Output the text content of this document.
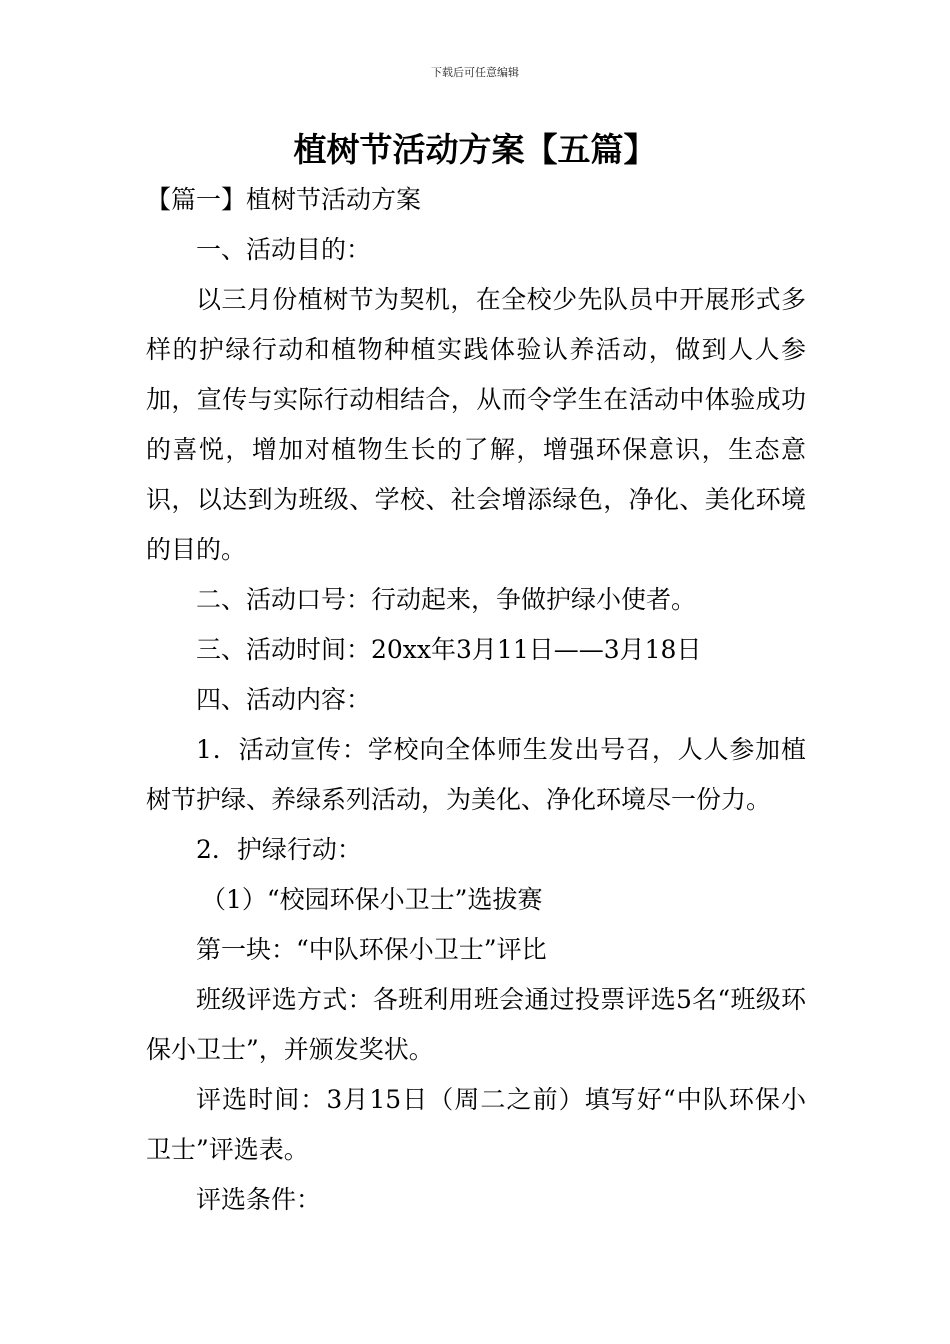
下载后可任意编辑
植树节活动方案【五篇】

【篇一】植树节活动方案

一、活动目的：

以三月份植树节为契机，在全校少先队员中开展形式多样的护绿行动和植物种植实践体验认养活动，做到人人参加，宣传与实际行动相结合，从而令学生在活动中体验成功的喜悦，增加对植物生长的了解，增强环保意识，生态意识，以达到为班级、学校、社会增添绿色，净化、美化环境的目的。

二、活动口号：行动起来，争做护绿小使者。

三、活动时间：20xx年3月11日——3月18日

四、活动内容：

1．活动宣传：学校向全体师生发出号召，人人参加植树节护绿、养绿系列活动，为美化、净化环境尽一份力。

2．护绿行动：

（1）“校园环保小卫士”选拔赛

第一块：“中队环保小卫士”评比

班级评选方式：各班利用班会通过投票评选5名“班级环保小卫士”，并颁发奖状。

评选时间：3月15日（周二之前）填写好“中队环保小卫士”评选表。

评选条件：
